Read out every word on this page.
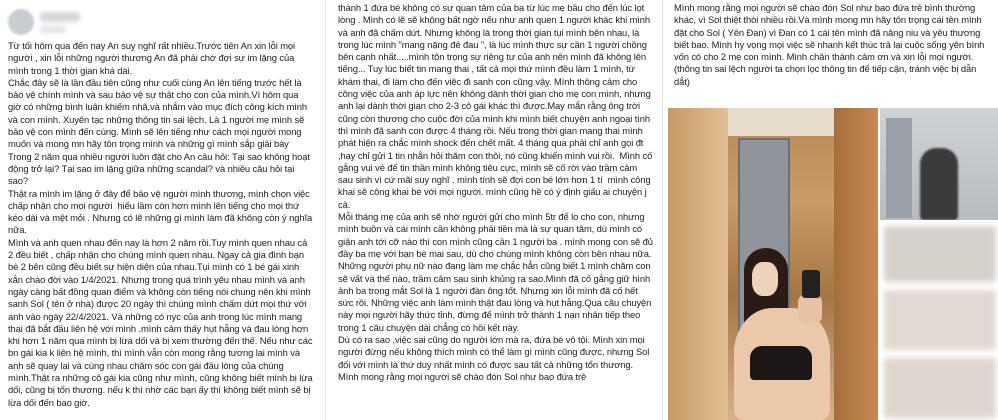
Từ tối hôm qua đến nay An suy nghĩ rất nhiều.Trước tiên An xin lỗi mọi người , xin lỗi những người thương An đã phải chờ đợi sự im lặng của mình trong 1 thời gian khá dài.

Chắc đây sẽ là lần đầu tiên cũng như cuối cùng An lên tiếng trước hết là bảo vệ chính mình và sau bảo vệ sự thật cho con của mình.Vì hôm qua giờ có những bình luận khiếm nhã,và nhắm vào mục đích công kích mình và con mình. Xuyên tạc những thông tin sai lệch. Là 1 người mẹ mình sẽ bảo vệ con mình đến cùng. Mình sẽ lên tiếng như cách mọi người mong muốn và mong mn hãy tôn trọng mình và những gì mình sắp giải bày

Trong 2 năm qua nhiều người luôn đặt cho An câu hỏi: Tại sao không hoạt động trở lại? Tại sao im lặng giữa những scandal? và nhiều câu hỏi tại sao?

Thật ra mình im lặng ở đây để bảo vệ người mình thương, mình chọn việc chấp nhận cho mọi người  hiểu lầm còn hơn mình lên tiếng cho mọi thứ kéo dài và mệt mỏi . Nhưng có lẽ những gì mình làm đã không còn ý nghĩa nữa.

Mình và anh quen nhau đến nay là hơn 2 năm rồi.Tuy mình quen nhau cả 2 đều biết , chấp nhận cho chúng mình quen nhau. Ngay cả gia đình bạn bè 2 bên cũng đều biết sự hiện diện của nhau.Tụi mình có 1 bé gái xinh xắn chào đời vào 1/4/2021. Nhưng trong quá trình yêu nhau mình và anh ngày càng bất đồng quan điểm và không còn tiếng nói chung nên khi mình sanh Sol ( tên ở nhà) được 20 ngày thì chúng mình chấm dứt mọi thứ với anh vào ngày 22/4/2021. Và những có nyc của anh trong lúc mình mang thai đã bắt đầu liên hệ với mình .mình cảm thấy hụt hẫng và đau lòng hơn khi hơn 1 năm qua mình bị lừa dối và bị xem thường đến thế. Nếu như các bn gái kia k liên hệ mình, thì mình vẫn còn mong rằng tương lai mình và anh sẽ quay lại và cùng nhau chăm sóc con gái đầu lòng của chúng mình.Thật ra những cô gái kia cũng như mình, cũng không biết mình bị lừa dối, cũng bị tổn thương. nếu k thì nhờ các bạn ấy thì không biết mình sẽ bị lừa dối đến bao giờ.

thành 1 đứa bé không có sự quan tâm của ba từ lúc mẹ bầu cho đến lúc lọt lòng . Mình có lẽ sẽ không bất ngờ nếu như anh quen 1 người khác khi mình và anh đã chấm dứt. Nhưng không là trong thời gian tụi mình bên nhau, là trong lúc mình "mang nặng đẻ đau ", là lúc mình thực sự cần 1 người chồng bên cạnh nhất.....mình tôn trọng sự riêng tư của anh nên mình đã không lên tiếng... Tuy lúc biết tin mang thai , tất cả mọi thứ mình đều làm 1 mình, từ khám thai, đi làm cho đến việc đi sanh con cũng vậy. Mình thông cảm cho công việc của anh áp lực nên không dành thời gian cho mẹ con mình, nhưng anh lại dành thời gian cho 2-3 cô gái khác thì được.May mắn rằng ông trời cũng còn thương cho cuộc đời của mình khi mình biết chuyện anh ngoại tình thì mình đã sanh con được 4 tháng rồi. Nếu trong thời gian mang thai mình phát hiện ra chắc mình shock đến chết mất. 4 tháng qua phải chỉ anh gọi đt ,hay chỉ gửi 1 tin nhắn hỏi thăm con thôi, nó cũng khiến mình vui rồi.  Mình cố gắng vui vẻ để tin thần mình không tiêu cực, mình sẽ cố rời vào trầm cảm sau sinh vì cứ mãi suy nghĩ . mình tính sẽ đợi con bé lớn hơn 1 tí  mình công khai sẽ công khai bé với mọi người. mình cũng hề có ý định giấu ai chuyện j cả.

Mỗi tháng mẹ của anh sẽ nhờ người gửi cho mình 5tr để lo cho con, nhưng mình buồn và cái mình cần không phải tiền mà là sự quan tâm, dù mình có giận anh tới cỡ nào thì con mình cũng cần 1 người ba . mình mong con sẽ đủ đầy ba mẹ với bạn bè mai sau, dù cho chúng mình không còn bên nhau nữa.

Những người phụ nữ nào đang làm mẹ chắc hẳn cũng biết 1 mình chăm con sẽ vất và thế nào, trầm cảm sau sinh khủng ra sao.Mình đã cố gắng giữ hình ảnh ba trong mắt Sol là 1 người đàn ông tốt. Nhưng xin lỗi mình đã cố hết sức rồi. Những việc anh làm mình thật đau lòng và hụt hẫng.Qua câu chuyện này mọi người hãy thức tỉnh, đừng để mình trở thành 1 nạn nhân tiếp theo trong 1 câu chuyện dài chẳng có hồi kết này.

Dù có ra sao ,việc sai cũng do người lớn mà ra, đứa bé vô tội. Mình xin mọi người đừng nếu không thích mình có thể làm gì mình cũng được, nhưng Sol đối với mình là thứ duy nhất mình có được sau tất cả những tổn thương. Mình mong rằng mọi người sẽ chào đón Sol như bao đứa trẻ

Mình mong rằng mọi người sẽ chào đón Sol như bao đứa trẻ bình thường khác, vì Sol thiệt thòi nhiều rồi.Và mình mong mn hãy tôn trọng cái tên mình đặt cho Sol ( Yên Đan) vì Đan có 1 cái tên mình đã nâng niu và yêu thương biết bao. Mình hy vọng mọi việc sẽ nhanh kết thúc trả lại cuộc sống yên bình vốn có cho 2 mẹ con mình. Mình chân thành cảm ơn và xin lỗi mọi người.

(thông tin sai lệch người ta chọn lọc thông tin để tiếp cận, tránh việc bị dẫn dắt)
